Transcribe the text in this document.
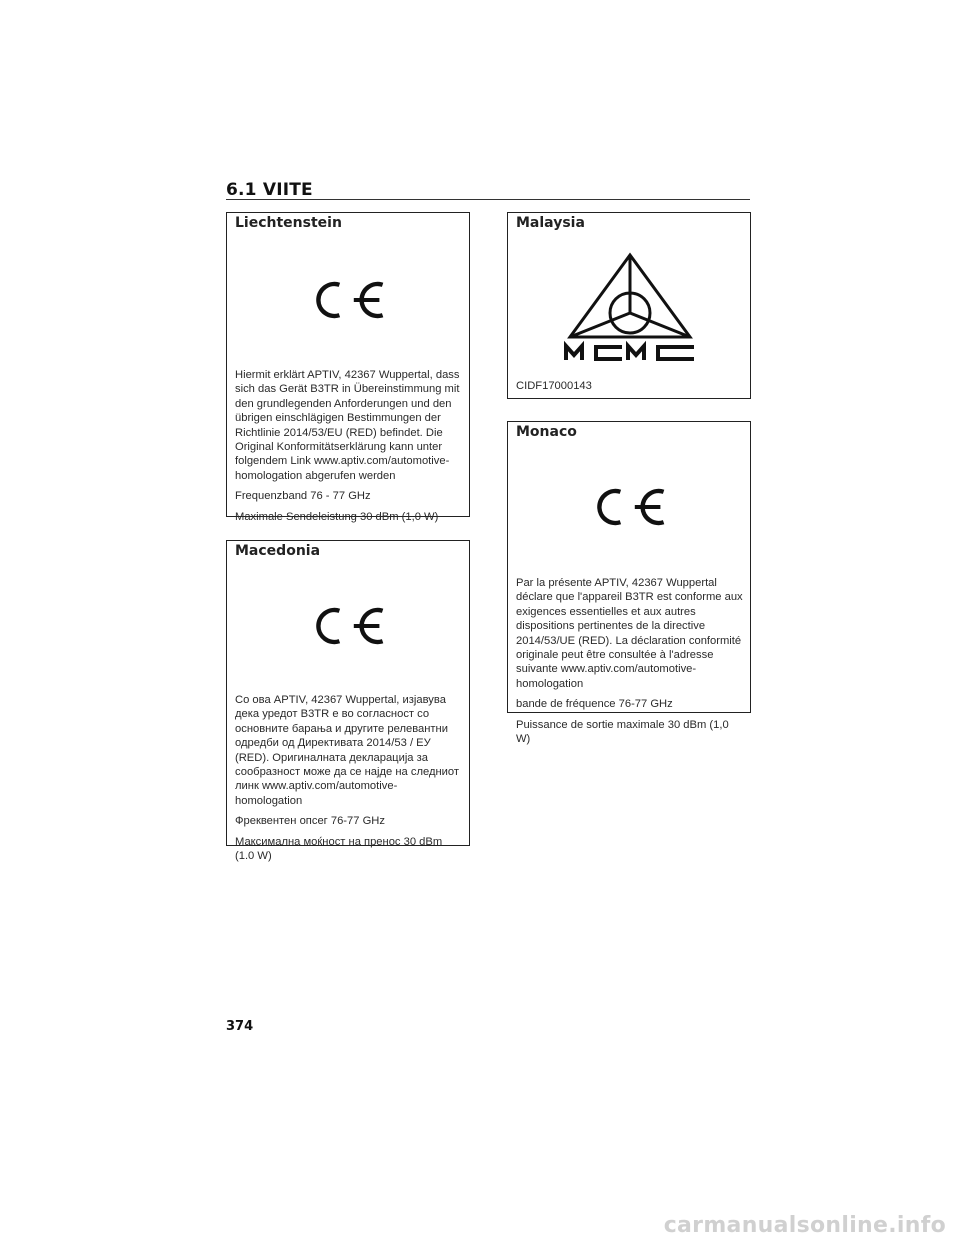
6.1 VIITE
Liechtenstein

Hiermit erklärt APTIV, 42367 Wuppertal, dass sich das Gerät B3TR in Übereinstimmung mit den grundlegenden Anforderungen und den übrigen einschlägigen Bestimmungen der Richtlinie 2014/53/EU (RED) befindet. Die Original Konformitätserklärung kann unter folgendem Link www.aptiv.com/automotive-homologation abgerufen werden

Frequenzband 76 - 77 GHz

Maximale Sendeleistung 30 dBm (1,0 W)

Macedonia

Со ова APTIV, 42367 Wuppertal, изјавува дека уредот B3TR е во согласност со основните барања и другите релевантни одредби од Директивата 2014/53 / ЕУ (RED). Оригиналната декларација за сообразност може да се најде на следниот линк www.aptiv.com/automotive-homologation

Фреквентен опсег 76-77 GHz

Максимална моќност на пренос 30 dBm (1.0 W)

Malaysia
CIDF17000143
Monaco

Par la présente APTIV, 42367 Wuppertal déclare que l'appareil B3TR est conforme aux exigences essentielles et aux autres dispositions pertinentes de la directive 2014/53/UE (RED). La déclaration conformité originale peut être consultée à l'adresse suivante www.aptiv.com/automotive-homologation

bande de fréquence 76-77 GHz

Puissance de sortie maximale 30 dBm (1,0 W)

374
carmanualsonline.info
